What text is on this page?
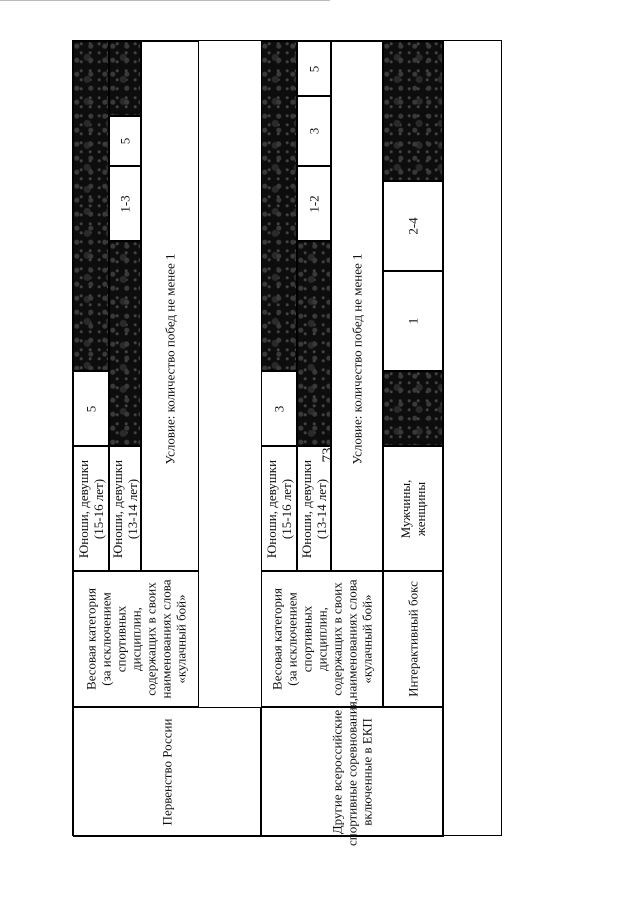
73
Первенство России
Весовая категория (за исключением спортивных дисциплин, содержащих в своих наименованиях слова «кулачный бой»
Юноши, девушки (15-16 лет) Юноши, девушки (13-14 лет)
5
1-3
5
Условие: количество побед не менее 1
Другие всероссийские спортивные соревнования, включенные в ЕКП
Весовая категория (за исключением спортивных дисциплин, содержащих в своих наименованиях слова «кулачный бой»
Юноши, девушки (15-16 лет) Юноши, девушки (13-14 лет)
3
1-2
3
5
Условие: количество побед не менее 1
Интерактивный бокс
Мужчины, женщины
1
2-4
